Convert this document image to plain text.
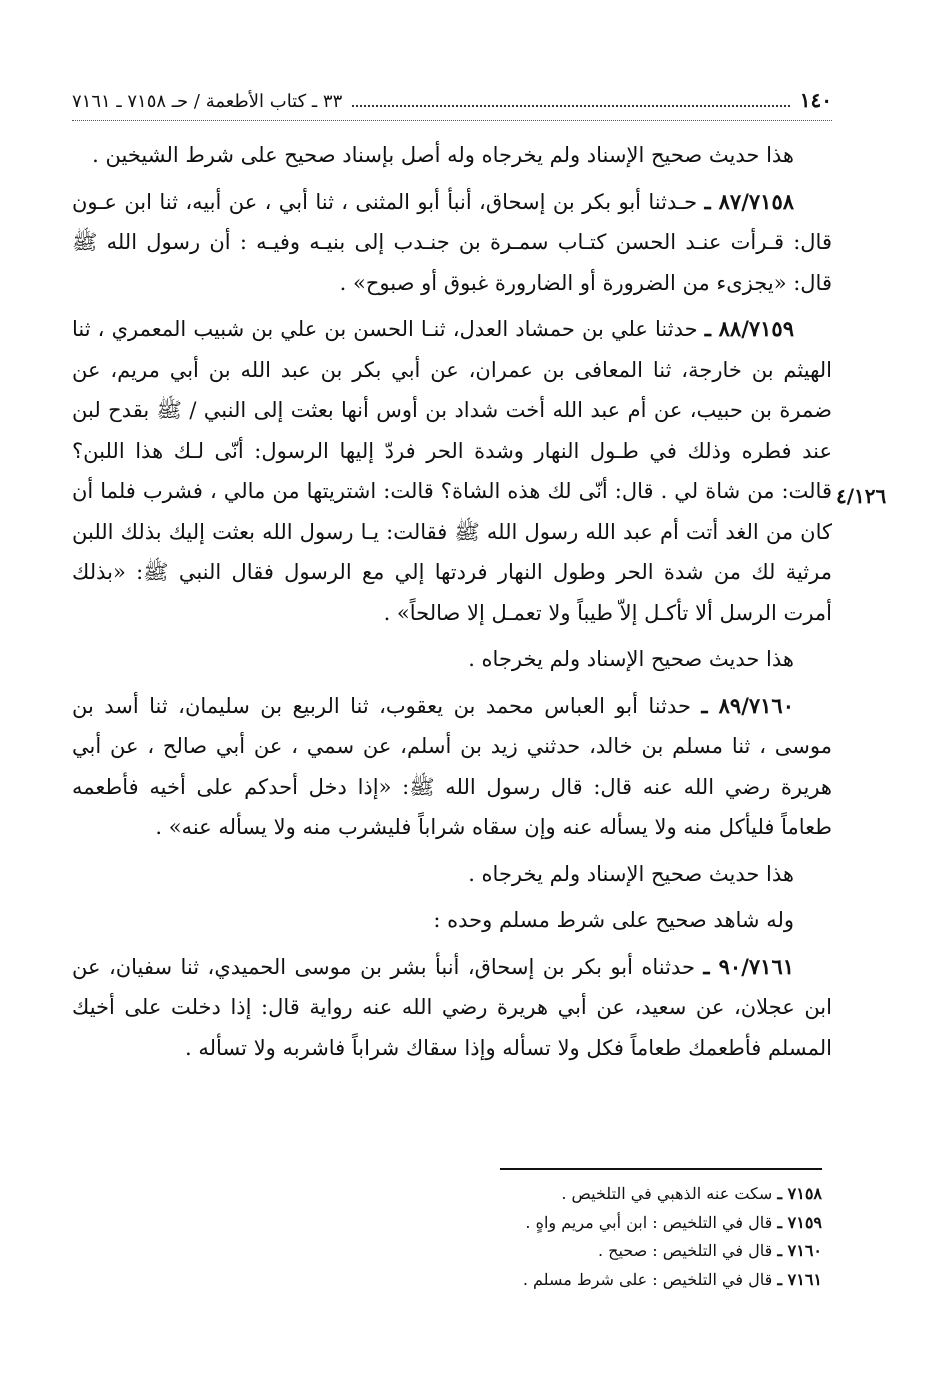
١٤٠
٣٣ ـ كتاب الأطعمة / حـ ٧١٥٨ ـ ٧١٦١

هذا حديث صحيح الإسناد ولم يخرجاه وله أصل بإسناد صحيح على شرط الشيخين .

٨٧/٧١٥٨ ـ حـدثنا أبو بكر بن إسحاق، أنبأ أبو المثنى ، ثنا أبي ، عن أبيه، ثنا ابن عـون قال: قـرأت عنـد الحسن كتـاب سمـرة بن جنـدب إلى بنيـه وفيـه : أن رسول الله ﷺ قال: «يجزىء من الضرورة أو الضارورة غبوق أو صبوح» .

٨٨/٧١٥٩ ـ حدثنا علي بن حمشاد العدل، ثنـا الحسن بن علي بن شبيب المعمري ، ثنا الهيثم بن خارجة، ثنا المعافى بن عمران، عن أبي بكر بن عبد الله بن أبي مريم، عن ضمرة بن حبيب، عن أم عبد الله أخت شداد بن أوس أنها بعثت إلى النبي / ﷺ بقدح لبن عند فطره وذلك في طـول النهار وشدة الحر فردّ إليها الرسول: أنّى لـك هذا اللبن؟ قالت: من شاة لي . قال: أنّى لك هذه الشاة؟ قالت: اشتريتها من مالي ، فشرب فلما أن كان من الغد أتت أم عبد الله رسول الله ﷺ فقالت: يـا رسول الله بعثت إليك بذلك اللبن مرثية لك من شدة الحر وطول النهار فردتها إلي مع الرسول فقال النبي ﷺ: «بذلك أمرت الرسل ألا تأكـل إلاّ طيباً ولا تعمـل إلا صالحاً» .

هذا حديث صحيح الإسناد ولم يخرجاه .

٨٩/٧١٦٠ ـ حدثنا أبو العباس محمد بن يعقوب، ثنا الربيع بن سليمان، ثنا أسد بن موسى ، ثنا مسلم بن خالد، حدثني زيد بن أسلم، عن سمي ، عن أبي صالح ، عن أبي هريرة رضي الله عنه قال: قال رسول الله ﷺ: «إذا دخل أحدكم على أخيه فأطعمه طعاماً فليأكل منه ولا يسأله عنه وإن سقاه شراباً فليشرب منه ولا يسأله عنه» .

هذا حديث صحيح الإسناد ولم يخرجاه .

وله شاهد صحيح على شرط مسلم وحده :

٩٠/٧١٦١ ـ حدثناه أبو بكر بن إسحاق، أنبأ بشر بن موسى الحميدي، ثنا سفيان، عن ابن عجلان، عن سعيد، عن أبي هريرة رضي الله عنه رواية قال: إذا دخلت على أخيك المسلم فأطعمك طعاماً فكل ولا تسأله وإذا سقاك شراباً فاشربه ولا تسأله .

٤/١٢٦
٧١٥٨ ـ سكت عنه الذهبي في التلخيص .
٧١٥٩ ـ قال في التلخيص : ابن أبي مريم واهٍ .
٧١٦٠ ـ قال في التلخيص : صحيح .
٧١٦١ ـ قال في التلخيص : على شرط مسلم .
